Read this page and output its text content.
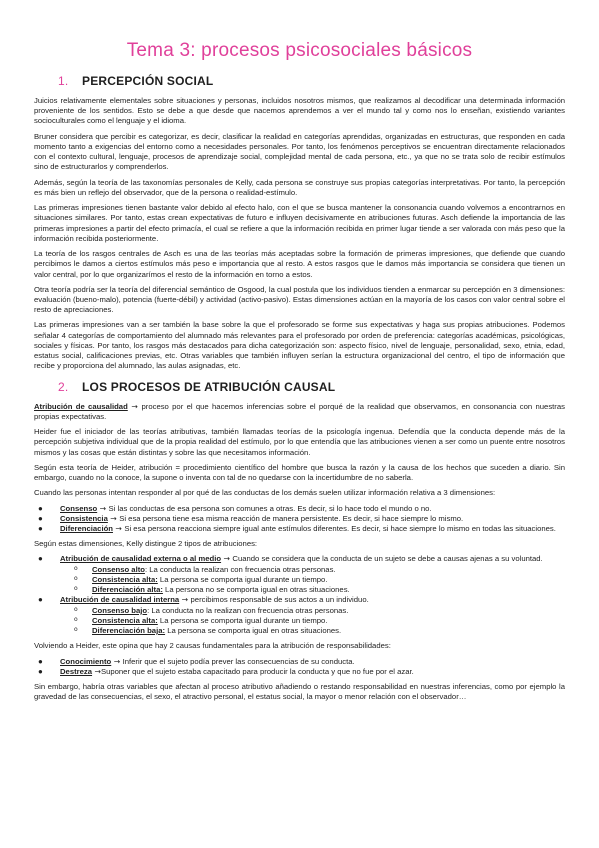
Tema 3: procesos psicosociales básicos
1. PERCEPCIÓN SOCIAL

Juicios relativamente elementales sobre situaciones y personas, incluidos nosotros mismos, que realizamos al decodificar una determinada información proveniente de los sentidos. Esto se debe a que desde que nacemos aprendemos a ver el mundo tal y como nos lo enseñan, existiendo variantes socioculturales como el lenguaje y el idioma.

Bruner considera que percibir es categorizar, es decir, clasificar la realidad en categorías aprendidas, organizadas en estructuras, que responden en cada momento tanto a exigencias del entorno como a necesidades personales. Por tanto, los fenómenos perceptivos se encuentran directamente relacionados con el contexto cultural, lenguaje, procesos de aprendizaje social, complejidad mental de cada persona, etc., ya que no se trata solo de recibir estímulos sino de estructurarlos y comprenderlos.

Además, según la teoría de las taxonomías personales de Kelly, cada persona se construye sus propias categorías interpretativas. Por tanto, la percepción es más bien un reflejo del observador, que de la persona o realidad-estímulo.

Las primeras impresiones tienen bastante valor debido al efecto halo, con el que se busca mantener la consonancia cuando volvemos a encontrarnos en situaciones similares. Por tanto, estas crean expectativas de futuro e influyen decisivamente en atribuciones futuras. Asch defiende la importancia de las primeras impresiones a partir del efecto primacía, el cual se refiere a que la información recibida en primer lugar tiende a ser valorada con más peso que la información recibida posteriormente.

La teoría de los rasgos centrales de Asch es una de las teorías más aceptadas sobre la formación de primeras impresiones, que defiende que cuando percibimos le damos a ciertos estímulos más peso e importancia que al resto. A estos rasgos que le damos más importancia se considera que tienen un valor central, por lo que organizarímos el resto de la información en torno a estos.

Otra teoría podría ser la teoría del diferencial semántico de Osgood, la cual postula que los individuos tienden a enmarcar su percepción en 3 dimensiones: evaluación (bueno-malo), potencia (fuerte-débil) y actividad (activo-pasivo). Estas dimensiones actúan en la mayoría de los casos con valor central sobre el resto de apreciaciones.

Las primeras impresiones van a ser también la base sobre la que el profesorado se forme sus expectativas y haga sus propias atribuciones. Podemos señalar 4 categorías de comportamiento del alumnado más relevantes para el profesorado por orden de preferencia: categorías académicas, psicológicas, sociales y físicas. Por tanto, los rasgos más destacados para dicha categorización son: aspecto físico, nivel de lenguaje, personalidad, sexo, etnia, edad, estatus social, calificaciones previas, etc. Otras variables que también influyen serían la estructura organizacional del centro, el tipo de información que recibe y proporciona del alumnado, las aulas asignadas, etc.

2. LOS PROCESOS DE ATRIBUCIÓN CAUSAL

Atribución de causalidad → proceso por el que hacemos inferencias sobre el porqué de la realidad que observamos, en consonancia con nuestras propias expectativas.

Heider fue el iniciador de las teorías atributivas, también llamadas teorías de la psicología ingenua. Defendía que la conducta depende más de la percepción subjetiva individual que de la propia realidad del estímulo, por lo que entendía que las atribuciones vienen a ser como un puente entre nosotros mismos y las cosas que están distintas y sobre las que necesitamos información.

Según esta teoría de Heider, atribución = procedimiento científico del hombre que busca la razón y la causa de los hechos que suceden a diario. Sin embargo, cuando no la conoce, la supone o inventa con tal de no quedarse con la incertidumbre de no saberla.

Cuando las personas intentan responder al por qué de las conductas de los demás suelen utilizar información relativa a 3 dimensiones:

● Consenso → Si las conductas de esa persona son comunes a otras. Es decir, si lo hace todo el mundo o no.
● Consistencia → Si esa persona tiene esa misma reacción de manera persistente. Es decir, si hace siempre lo mismo.
● Diferenciación → Si esa persona reacciona siempre igual ante estímulos diferentes. Es decir, si hace siempre lo mismo en todas las situaciones.

Según estas dimensiones, Kelly distingue 2 tipos de atribuciones:

● Atribución de causalidad externa o al medio → Cuando se considera que la conducta de un sujeto se debe a causas ajenas a su voluntad.
o Consenso alto: La conducta la realizan con frecuencia otras personas.
o Consistencia alta: La persona se comporta igual durante un tiempo.
o Diferenciación alta: La persona no se comporta igual en otras situaciones.
● Atribución de causalidad interna → percibimos responsable de sus actos a un individuo.
o Consenso bajo: La conducta no la realizan con frecuencia otras personas.
o Consistencia alta: La persona se comporta igual durante un tiempo.
o Diferenciación baja: La persona se comporta igual en otras situaciones.

Volviendo a Heider, este opina que hay 2 causas fundamentales para la atribución de responsabilidades:

● Conocimiento → Inferir que el sujeto podía prever las consecuencias de su conducta.
● Destreza →Suponer que el sujeto estaba capacitado para producir la conducta y que no fue por el azar.

Sin embargo, habría otras variables que afectan al proceso atributivo añadiendo o restando responsabilidad en nuestras inferencias, como por ejemplo la gravedad de las consecuencias, el sexo, el atractivo personal, el estatus social, la mayor o menor relación con el observador…
